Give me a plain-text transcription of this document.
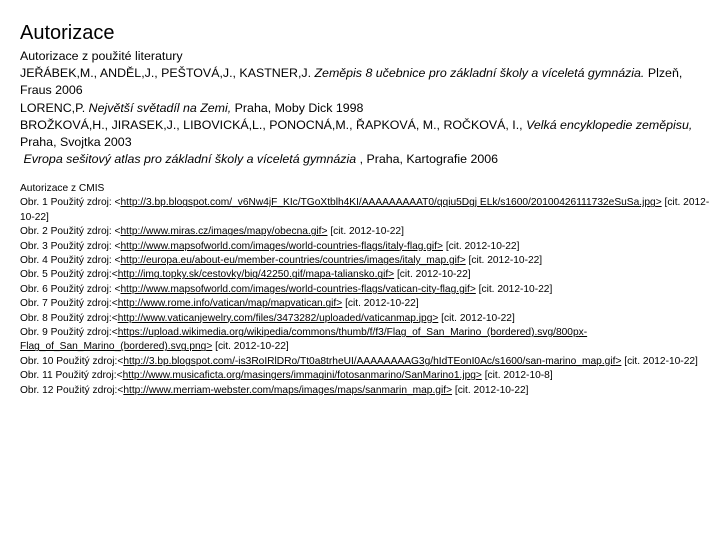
Autorizace
Autorizace z použité literatury
JEŘÁBEK,M., ANDĚL,J., PEŠTOVÁ,J., KASTNER,J. Zeměpis 8 učebnice pro základní školy a víceletá gymnázia. Plzeň, Fraus 2006
LORENC,P. Největší světadíl na Zemi, Praha, Moby Dick 1998
BROŽKOVÁ,H., JIRASEK,J., LIBOVICKÁ,L., PONOCNÁ,M., ŘAPKOVÁ, M., ROČKOVÁ, I., Velká encyklopedie zeměpisu, Praha, Svojtka 2003
Evropa sešitový atlas pro základní školy a víceletá gymnázia , Praha, Kartografie 2006
Autorizace z CMIS
Obr. 1 Použitý zdroj: <http://3.bp.blogspot.com/_v6Nw4jF_KIc/TGoXtblh4KI/AAAAAAAAAT0/qqiu5Dgj ELk/s1600/20100426111732eSuSa.jpg> [cit. 2012-10-22]
Obr. 2 Použitý zdroj: <http://www.miras.cz/images/mapy/obecna.gif> [cit. 2012-10-22]
Obr. 3 Použitý zdroj: <http://www.mapsofworld.com/images/world-countries-flags/italy-flag.gif> [cit. 2012-10-22]
Obr. 4 Použitý zdroj: <http://europa.eu/about-eu/member-countries/countries/images/italy_map.gif> [cit. 2012-10-22]
Obr. 5 Použitý zdroj:<http://img.topky.sk/cestovky/big/42250.gif/mapa-taliansko.gif> [cit. 2012-10-22]
Obr. 6 Použitý zdroj: <http://www.mapsofworld.com/images/world-countries-flags/vatican-city-flag.gif> [cit. 2012-10-22]
Obr. 7 Použitý zdroj:<http://www.rome.info/vatican/map/mapvatican.gif> [cit. 2012-10-22]
Obr. 8 Použitý zdroj:<http://www.vaticanjewelry.com/files/3473282/uploaded/vaticanmap.jpg> [cit. 2012-10-22]
Obr. 9 Použitý zdroj:<https://upload.wikimedia.org/wikipedia/commons/thumb/f/f3/Flag_of_San_Marino_(bordered).svg/800px-Flag_of_San_Marino_(bordered).svg.png> [cit. 2012-10-22]
Obr. 10 Použitý zdroj:<http://3.bp.blogspot.com/-is3RoIRlDRo/Tt0a8trheUI/AAAAAAAAG3g/hIdTEonI0Ac/s1600/san-marino_map.gif> [cit. 2012-10-22]
Obr. 11 Použitý zdroj:<http://www.musicaficta.org/masingers/immagini/fotosanmarino/SanMarino1.jpg> [cit. 2012-10-8]
Obr. 12 Použitý zdroj:<http://www.merriam-webster.com/maps/images/maps/sanmarin_map.gif> [cit. 2012-10-22]
